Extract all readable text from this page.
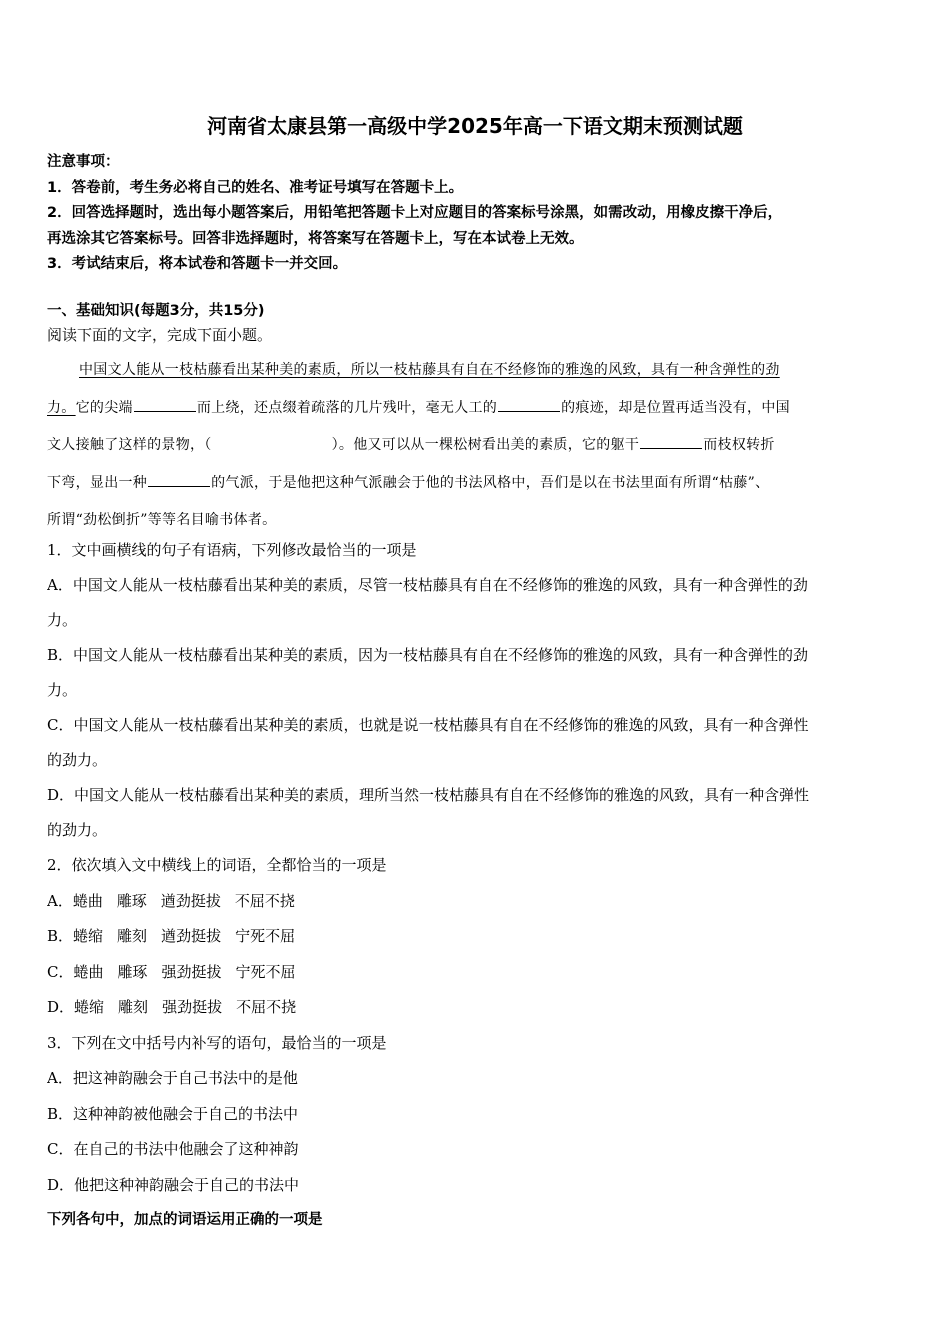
河南省太康县第一高级中学2025年高一下语文期末预测试题
注意事项：
1．答卷前，考生务必将自己的姓名、准考证号填写在答题卡上。
2．回答选择题时，选出每小题答案后，用铅笔把答题卡上对应题目的答案标号涂黑，如需改动，用橡皮擦干净后，
再选涂其它答案标号。回答非选择题时，将答案写在答题卡上，写在本试卷上无效。
3．考试结束后，将本试卷和答题卡一并交回。
一、基础知识(每题3分，共15分)
阅读下面的文字，完成下面小题。
中国文人能从一枝枯藤看出某种美的素质，所以一枝枯藤具有自在不经修饰的雅逸的风致，具有一种含弹性的劲
力。它的尖端	而上绕，还点缀着疏落的几片残叶，毫无人工的	的痕迹，却是位置再适当没有，中国
文人接触了这样的景物，（	）。他又可以从一棵松树看出美的素质，它的躯干	而枝权转折
下弯，显出一种	的气派，于是他把这种气派融会于他的书法风格中，吾们是以在书法里面有所谓“枯藤”、
所谓“劲松倒折”等等名目喻书体者。
1．文中画横线的句子有语病，下列修改最恰当的一项是
A．中国文人能从一枝枯藤看出某种美的素质，尽管一枝枯藤具有自在不经修饰的雅逸的风致，具有一种含弹性的劲
力。
B．中国文人能从一枝枯藤看出某种美的素质，因为一枝枯藤具有自在不经修饰的雅逸的风致，具有一种含弹性的劲
力。
C．中国文人能从一枝枯藤看出某种美的素质，也就是说一枝枯藤具有自在不经修饰的雅逸的风致，具有一种含弹性
的劲力。
D．中国文人能从一枝枯藤看出某种美的素质，理所当然一枝枯藤具有自在不经修饰的雅逸的风致，具有一种含弹性
的劲力。
2．依次填入文中横线上的词语，全都恰当的一项是
A．蜷曲 雕琢 遒劲挺拔 不屈不挠
B．蜷缩 雕刻 遒劲挺拔 宁死不屈
C．蜷曲 雕琢 强劲挺拔 宁死不屈
D．蜷缩 雕刻 强劲挺拔 不屈不挠
3．下列在文中括号内补写的语句，最恰当的一项是
A．把这神韵融会于自己书法中的是他
B．这种神韵被他融会于自己的书法中
C．在自己的书法中他融会了这种神韵
D．他把这种神韵融会于自己的书法中
下列各句中，加点的词语运用正确的一项是
